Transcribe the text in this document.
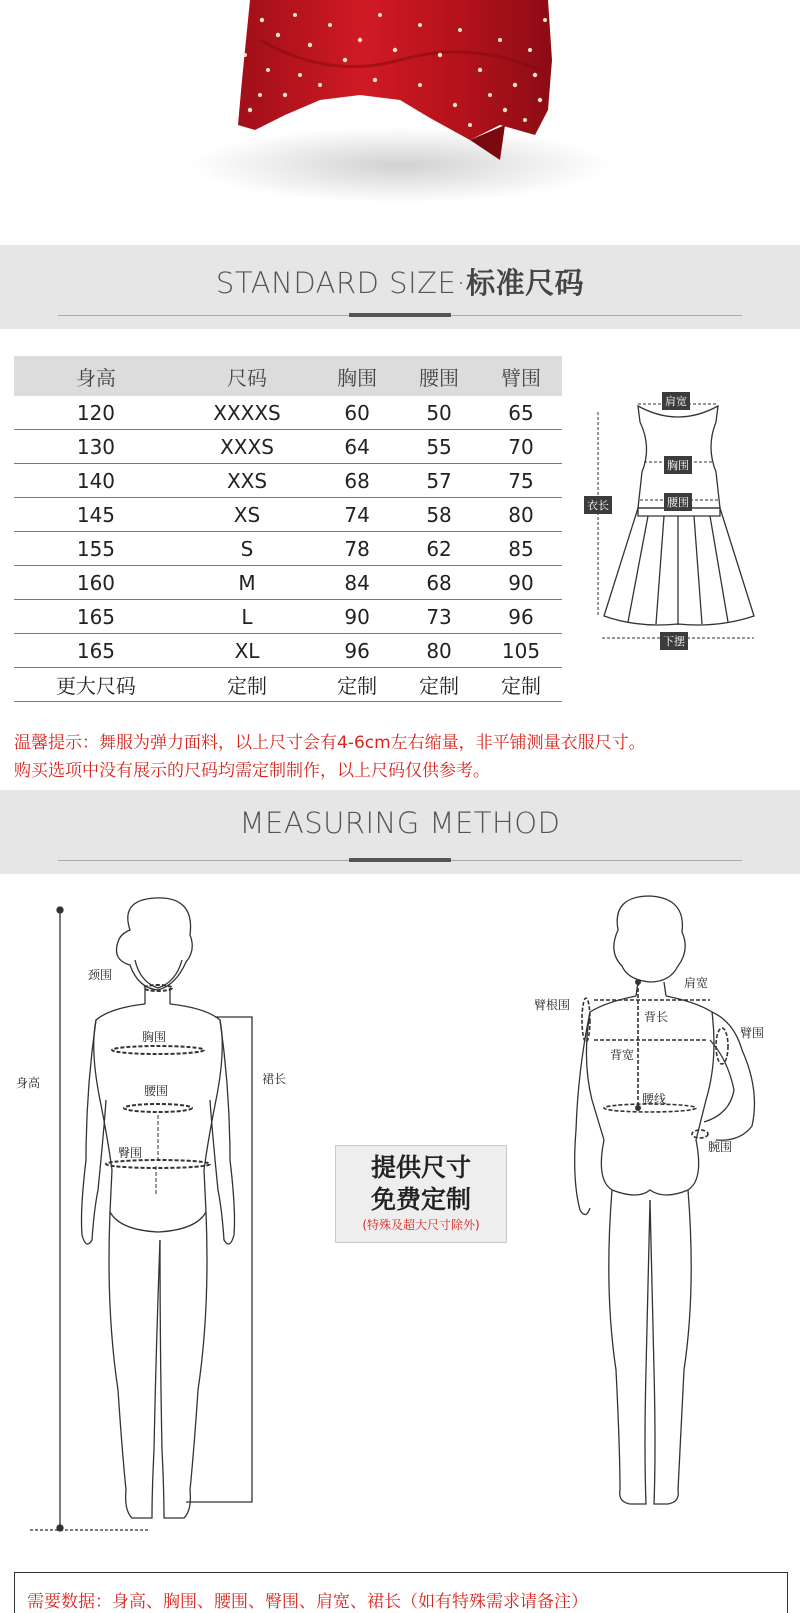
STANDARD SIZE·标准尺码
身高	尺码	胸围	腰围	臂围
120	XXXXS	60	50	65
130	XXXS	64	55	70
140	XXS	68	57	75
145	XS	74	58	80
155	S	78	62	85
160	M	84	68	90
165	L	90	73	96
165	XL	96	80	105
更大尺码	定制	定制	定制	定制
肩宽
胸围
腰围
衣长
下摆
温馨提示：舞服为弹力面料，以上尺寸会有4-6cm左右缩量，非平铺测量衣服尺寸。
购买选项中没有展示的尺码均需定制制作，以上尺码仅供参考。
MEASURING METHOD
颈围
胸围
腰围
臀围
身高	裙长
提供尺寸
免费定制
(特殊及超大尺寸除外)
肩宽
臂根围
背长
臂围
背宽
腰线
腕围
需要数据：身高、胸围、腰围、臀围、肩宽、裙长（如有特殊需求请备注）
